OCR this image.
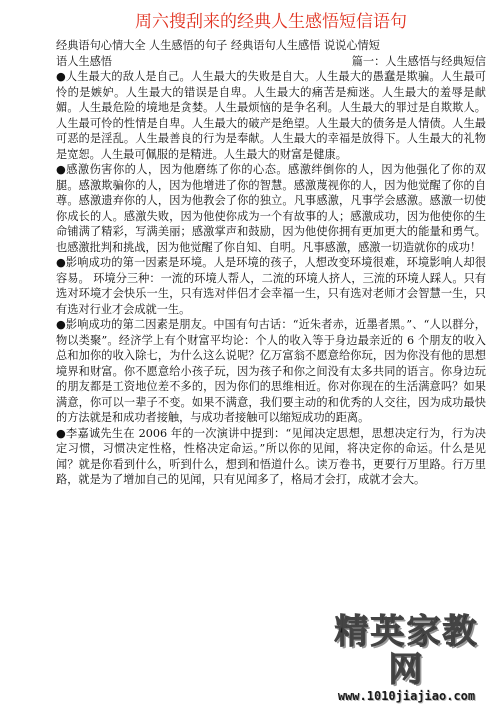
周六搜刮来的经典人生感悟短信语句

经典语句心情大全 人生感悟的句子 经典语句人生感悟 说说心情短

语人生感悟	篇一：人生感悟与经典短信

●人生最大的敌人是自己。人生最大的失败是自大。人生最大的愚蠢是欺骗。人生最可怜的是嫉妒。人生最大的错误是自卑。人生最大的痛苦是痴迷。人生最大的羞辱是献媚。人生最危险的境地是贪婪。人生最烦恼的是争名利。人生最大的罪过是自欺欺人。人生最可怜的性情是自卑。人生最大的破产是绝望。人生最大的债务是人情债。人生最可恶的是淫乱。人生最善良的行为是奉献。人生最大的幸福是放得下。人生最大的礼物是宽恕。人生最可佩服的是精进。人生最大的财富是健康。

●感激伤害你的人，因为他磨练了你的心态。感激绊倒你的人，因为他强化了你的双腿。感激欺骗你的人，因为他增进了你的智慧。感激蔑视你的人，因为他觉醒了你的自尊。感激遗弃你的人，因为他教会了你的独立。凡事感激，凡事学会感激。感激一切使你成长的人。感激失败，因为他使你成为一个有故事的人；感激成功，因为他使你的生命铺满了精彩，写满美丽；感激掌声和鼓励，因为他使你拥有更加更大的能量和勇气。也感激批判和挑战，因为他觉醒了你自知、自明。凡事感激，感激一切造就你的成功！

●影响成功的第一因素是环境。人是环境的孩子，人想改变环境很难，环境影响人却很容易。 环境分三种：一流的环境人帮人，二流的环境人挤人，三流的环境人踩人。只有选对环境才会快乐一生，只有选对伴侣才会幸福一生，只有选对老师才会智慧一生，只有选对行业才会成就一生。

●影响成功的第二因素是朋友。中国有句古话：“近朱者赤，近墨者黑。”、“人以群分，物以类聚”。经济学上有个财富平均论：个人的收入等于身边最亲近的 6 个朋友的收入总和加你的收入除七，为什么这么说呢？亿万富翁不愿意给你玩，因为你没有他的思想境界和财富。你不愿意给小孩子玩，因为孩子和你之间没有太多共同的语言。你身边玩的朋友都是工资地位差不多的，因为你们的思维相近。你对你现在的生活满意吗？如果满意，你可以一辈子不变。如果不满意，我们要主动的和优秀的人交往，因为成功最快的方法就是和成功者接触，与成功者接触可以缩短成功的距离。

●李嘉诚先生在 2006 年的一次演讲中提到：“见闻决定思想，思想决定行为，行为决定习惯，习惯决定性格，性格决定命运。”所以你的见闻，将决定你的命运。什么是见闻？就是你看到什么，听到什么，想到和悟道什么。读万卷书，更要行万里路。行万里路，就是为了增加自己的见闻，只有见闻多了，格局才会打，成就才会大。

精英家教网
www.1010jiajiao.com
